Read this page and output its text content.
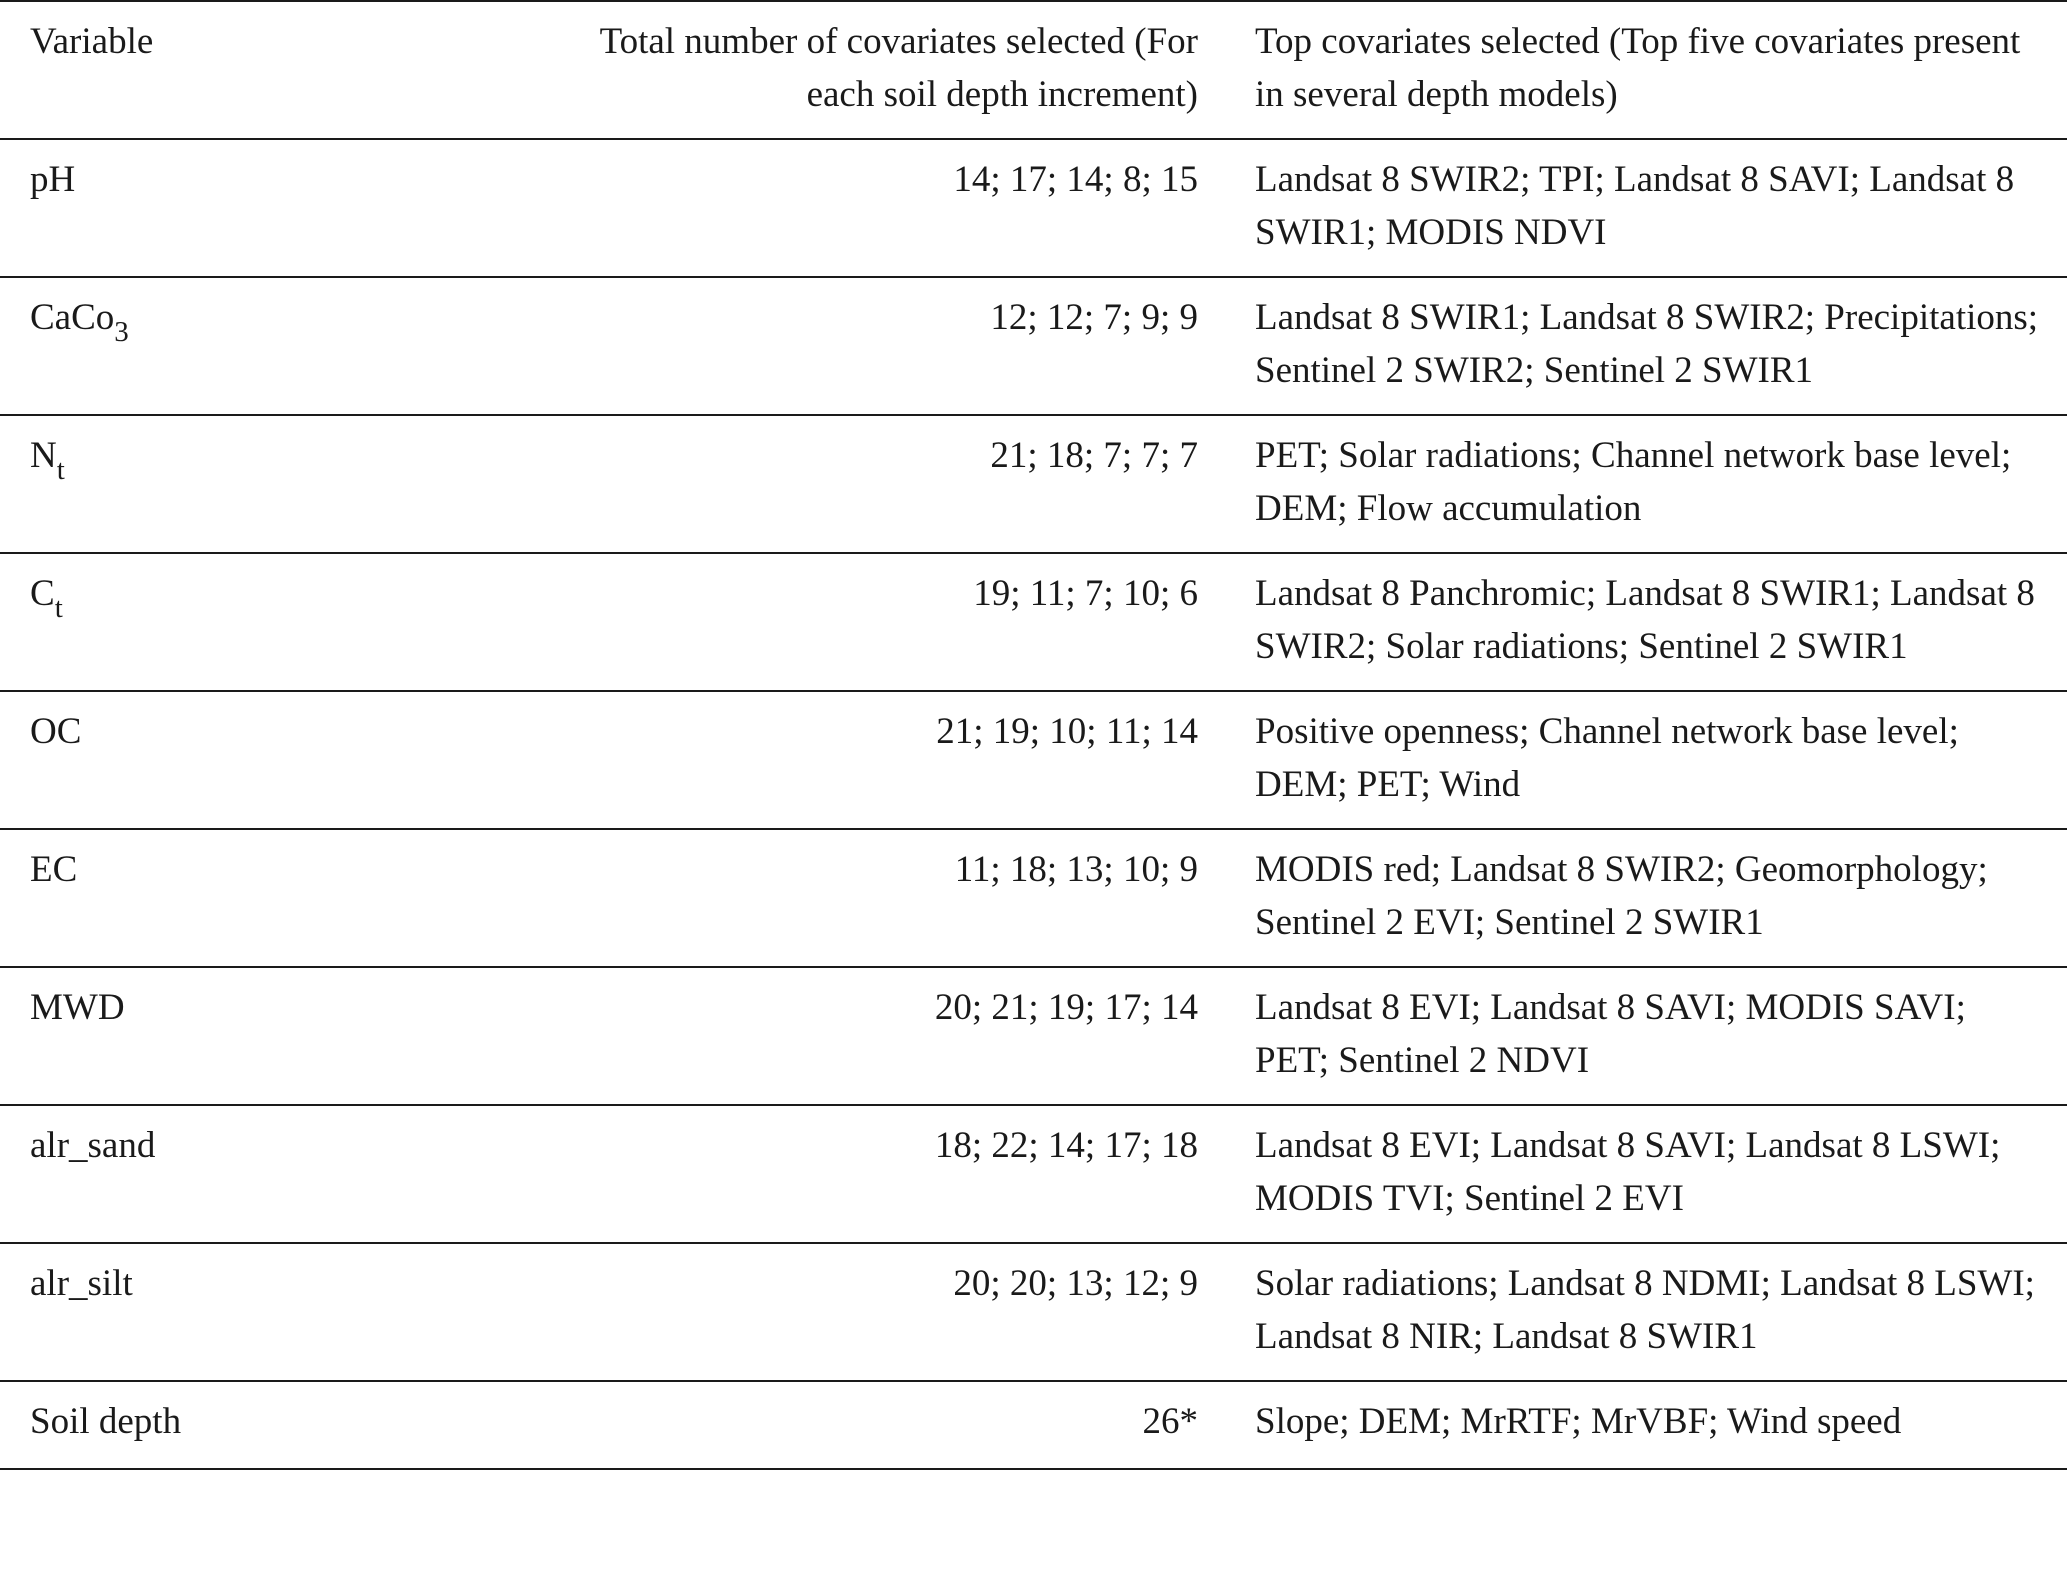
Variable	Total number of covariates selected (For each soil depth increment)	Top covariates selected (Top five covariates present in several depth models)

pH	14; 17; 14; 8; 15	Landsat 8 SWIR2; TPI; Landsat 8 SAVI; Landsat 8 SWIR1; MODIS NDVI

CaCo$_3$	12; 12; 7; 9; 9	Landsat 8 SWIR1; Landsat 8 SWIR2; Precipitations; Sentinel 2 SWIR2; Sentinel 2 SWIR1

$N_t$	21; 18; 7; 7; 7	PET; Solar radiations; Channel network base level; DEM; Flow accumulation

$C_t$	19; 11; 7; 10; 6	Landsat 8 Panchromic; Landsat 8 SWIR1; Landsat 8 SWIR2; Solar radiations; Sentinel 2 SWIR1

OC	21; 19; 10; 11; 14	Positive openness; Channel network base level; DEM; PET; Wind

EC	11; 18; 13; 10; 9	MODIS red; Landsat 8 SWIR2; Geomorphology; Sentinel 2 EVI; Sentinel 2 SWIR1

MWD	20; 21; 19; 17; 14	Landsat 8 EVI; Landsat 8 SAVI; MODIS SAVI; PET; Sentinel 2 NDVI

alr_sand	18; 22; 14; 17; 18	Landsat 8 EVI; Landsat 8 SAVI; Landsat 8 LSWI; MODIS TVI; Sentinel 2 EVI

alr_silt	20; 20; 13; 12; 9	Solar radiations; Landsat 8 NDMI; Landsat 8 LSWI; Landsat 8 NIR; Landsat 8 SWIR1

Soil depth	26*	Slope; DEM; MrRTF; MrVBF; Wind speed
